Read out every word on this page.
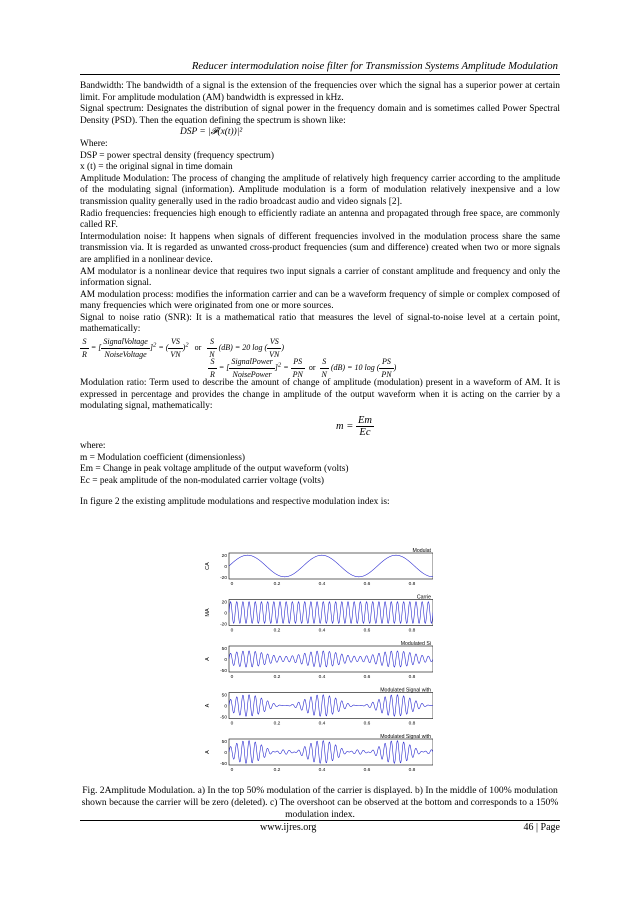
Reducer intermodulation noise filter for Transmission Systems Amplitude Modulation

Bandwidth: The bandwidth of a signal is the extension of the frequencies over which the signal has a superior power at certain limit. For amplitude modulation (AM) bandwidth is expressed in kHz.

Signal spectrum: Designates the distribution of signal power in the frequency domain and is sometimes called Power Spectral Density (PSD). Then the equation defining the spectrum is shown like:

DSP = |𝓕(x(t))|²

Where:

DSP = power spectral density (frequency spectrum)

x (t) = the original signal in time domain

Amplitude Modulation: The process of changing the amplitude of relatively high frequency carrier according to the amplitude of the modulating signal (information). Amplitude modulation is a form of modulation relatively inexpensive and a low transmission quality generally used in the radio broadcast audio and video signals [2].

Radio frequencies: frequencies high enough to efficiently radiate an antenna and propagated through free space, are commonly called RF.

Intermodulation noise: It happens when signals of different frequencies involved in the modulation process share the same transmission via. It is regarded as unwanted cross-product frequencies (sum and difference) created when two or more signals are amplified in a nonlinear device.

AM modulator is a nonlinear device that requires two input signals a carrier of constant amplitude and frequency and only the information signal.

AM modulation process: modifies the information carrier and can be a waveform frequency of simple or complex composed of many frequencies which were originated from one or more sources.

Signal to noise ratio (SNR): It is a mathematical ratio that measures the level of signal-to-noise level at a certain point, mathematically:

$\frac{S}{R}$ = [ $\frac{\text{SignalVoltage}}{\text{NoiseVoltage}} ]^2$ = ( $\frac{VS}{VN} )^2$ or $\frac{S}{N} (dB) = 20$ log ( $\frac{VS}{VN}$ )
$\frac{S}{R}$ = [ $\frac{\text{SignalPower}}{\text{NoisePower}} ]^2 = \frac{PS}{PN}$ or $\frac{S}{N} (dB) = 10$ log ( $\frac{PS}{PN}$ )

Modulation ratio: Term used to describe the amount of change of amplitude (modulation) present in a waveform of AM. It is expressed in percentage and provides the change in amplitude of the output waveform when it is acting on the carrier by a modulating signal, mathematically:

$m = \frac{Em}{Ec}$

where:

m = Modulation coefficient (dimensionless)

Em = Change in peak voltage amplitude of the output waveform (volts)

Ec = peak amplitude of the non-modulated carrier voltage (volts)

In figure 2 the existing amplitude modulations and respective modulation index is:

Modulat
CA
20
0
-20
0	0.2	0.4	0.6	0.8
Carrie
MA
20
0
-20
0	0.2	0.4	0.6	0.8
Modulated Si
A
50
0
-50
0	0.2	0.4	0.6	0.8
Modulated Signal with
A
50
0
-50
0	0.2	0.4	0.6	0.8
Modulated Signal with
A
50
0
-50
0	0.2	0.4	0.6	0.8
Fig. 2Amplitude Modulation. a) In the top 50% modulation of the carrier is displayed. b) In the middle of 100% modulation shown because the carrier will be zero (deleted). c) The overshoot can be observed at the bottom and corresponds to a 150% modulation index.
www.ijres.org	46 | Page
